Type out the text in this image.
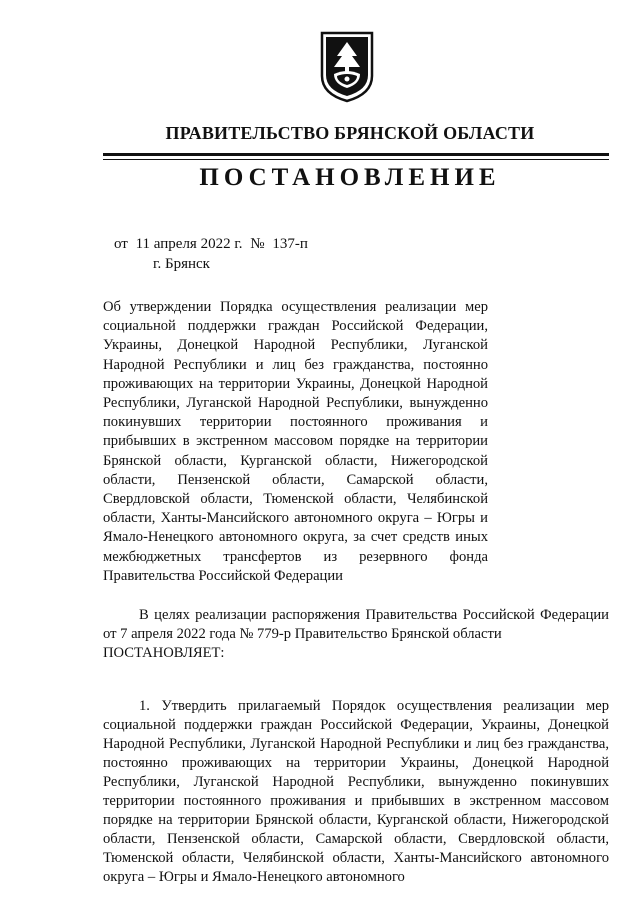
ПРАВИТЕЛЬСТВО БРЯНСКОЙ ОБЛАСТИ
ПОСТАНОВЛЕНИЕ
от 11 апреля 2022 г. № 137-п
г. Брянск
Об утверждении Порядка осуществления реализации мер социальной поддержки граждан Российской Федерации, Украины, Донецкой Народной Республики, Луганской Народной Республики и лиц без гражданства, постоянно проживающих на территории Украины, Донецкой Народной Республики, Луганской Народной Республики, вынужденно покинувших территории постоянного проживания и прибывших в экстренном массовом порядке на территории Брянской области, Курганской области, Нижегородской области, Пензенской области, Самарской области, Свердловской области, Тюменской области, Челябинской области, Ханты-Мансийского автономного округа – Югры и Ямало-Ненецкого автономного округа, за счет средств иных межбюджетных трансфертов из резервного фонда Правительства Российской Федерации

В целях реализации распоряжения Правительства Российской Федерации от 7 апреля 2022 года № 779-р Правительство Брянской области

ПОСТАНОВЛЯЕТ:

1. Утвердить прилагаемый Порядок осуществления реализации мер социальной поддержки граждан Российской Федерации, Украины, Донецкой Народной Республики, Луганской Народной Республики и лиц без гражданства, постоянно проживающих на территории Украины, Донецкой Народной Республики, Луганской Народной Республики, вынужденно покинувших территории постоянного проживания и прибывших в экстренном массовом порядке на территории Брянской области, Курганской области, Нижегородской области, Пензенской области, Самарской области, Свердловской области, Тюменской области, Челябинской области, Ханты-Мансийского автономного округа – Югры и Ямало-Ненецкого автономного
